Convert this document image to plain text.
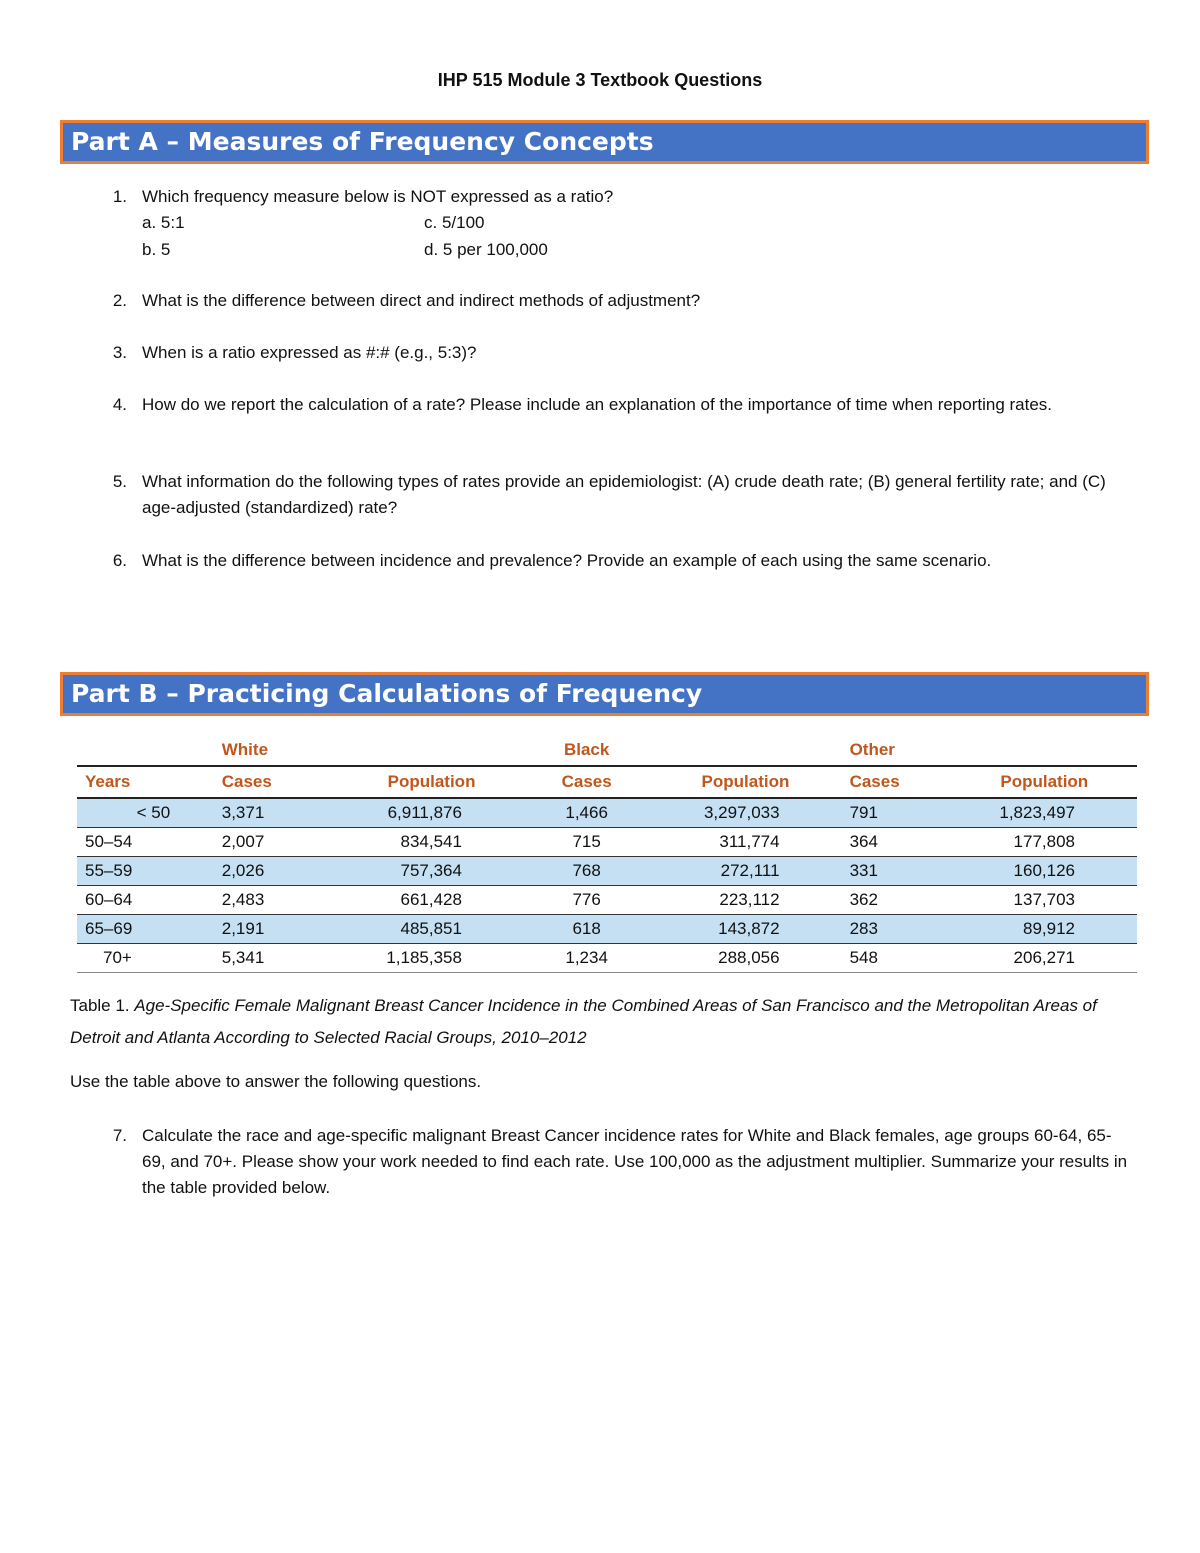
IHP 515 Module 3 Textbook Questions
Part A – Measures of Frequency Concepts
1. Which frequency measure below is NOT expressed as a ratio?
a. 5:1	c. 5/100
b. 5	d. 5 per 100,000
2. What is the difference between direct and indirect methods of adjustment?
3. When is a ratio expressed as #:# (e.g., 5:3)?
4. How do we report the calculation of a rate? Please include an explanation of the importance of time when reporting rates.
5. What information do the following types of rates provide an epidemiologist: (A) crude death rate; (B) general fertility rate; and (C) age-adjusted (standardized) rate?
6. What is the difference between incidence and prevalence? Provide an example of each using the same scenario.
Part B – Practicing Calculations of Frequency
	White		Black		Other	
Years	Cases	Population	Cases	Population	Cases	Population
< 50	3,371	6,911,876	1,466	3,297,033	791	1,823,497
50–54	2,007	834,541	715	311,774	364	177,808
55–59	2,026	757,364	768	272,111	331	160,126
60–64	2,483	661,428	776	223,112	362	137,703
65–69	2,191	485,851	618	143,872	283	89,912
70+	5,341	1,185,358	1,234	288,056	548	206,271
Table 1. Age-Specific Female Malignant Breast Cancer Incidence in the Combined Areas of San Francisco and the Metropolitan Areas of Detroit and Atlanta According to Selected Racial Groups, 2010–2012
Use the table above to answer the following questions.
7. Calculate the race and age-specific malignant Breast Cancer incidence rates for White and Black females, age groups 60-64, 65-69, and 70+. Please show your work needed to find each rate. Use 100,000 as the adjustment multiplier. Summarize your results in the table provided below.
